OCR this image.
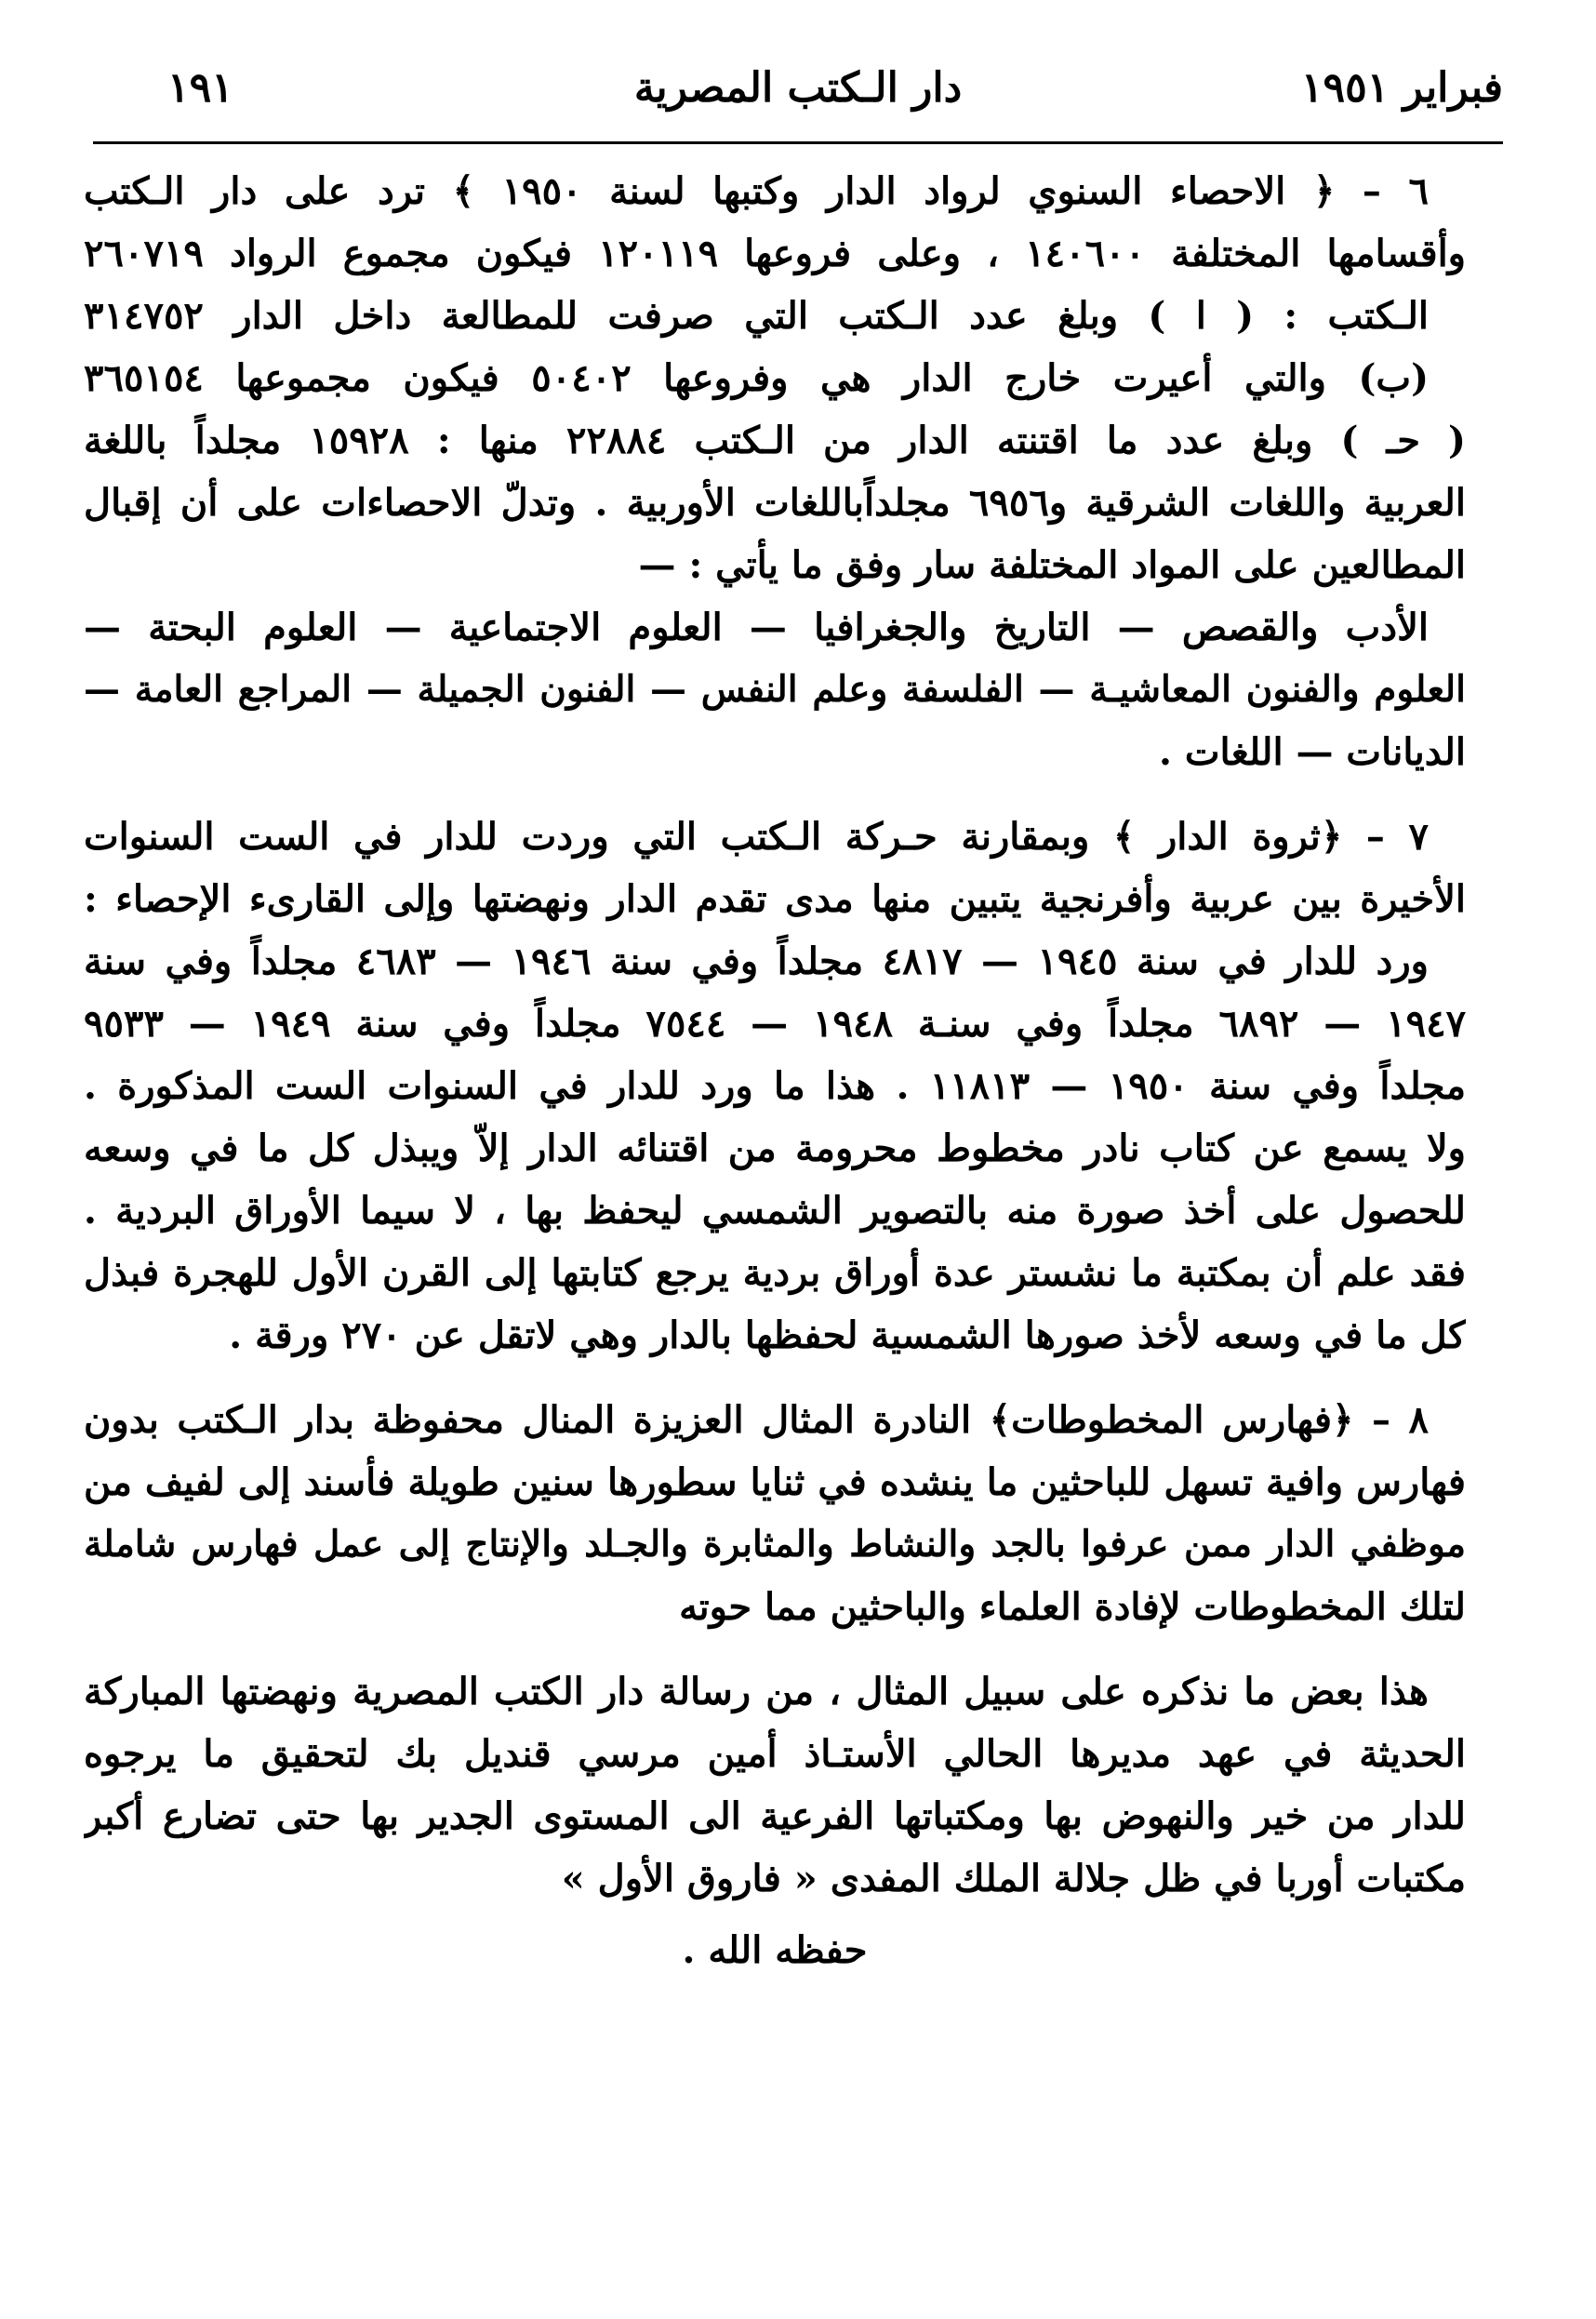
فبراير ١٩٥١
دار الـكتب المصرية
١٩١
٦ – ﴿ الاحصاء السنوي لرواد الدار وكتبها لسنة ١٩٥٠ ﴾ ترد على دار الـكتب
وأقسامها المختلفة ١٤٠٦٠٠ ، وعلى فروعها ١٢٠١١٩ فيكون مجموع الرواد ٢٦٠٧١٩
الـكتب : ( ا ) وبلغ عدد الـكتب التي صرفت للمطالعة داخل الدار ٣١٤٧٥٢
(ب) والتي أعيرت خارج الدار هي وفروعها ٥٠٤٠٢ فيكون مجموعها ٣٦٥١٥٤
( حـ ) وبلغ عدد ما اقتنته الدار من الـكتب ٢٢٨٨٤ منها : ١٥٩٢٨ مجلداً باللغة
العربية واللغات الشرقية و٦٩٥٦ مجلداًباللغات الأوربية . وتدلّ الاحصاءات على أن إقبال
المطالعين على المواد المختلفة سار وفق ما يأتي : —
الأدب والقصص — التاريخ والجغرافيا — العلوم الاجتماعية — العلوم البحتة —
العلوم والفنون المعاشيـة — الفلسفة وعلم النفس — الفنون الجميلة — المراجع العامة —
الديانات — اللغات .
٧ – ﴿ثروة الدار ﴾ وبمقارنة حـركة الـكتب التي وردت للدار في الست السنوات
الأخيرة بين عربية وأفرنجية يتبين منها مدى تقدم الدار ونهضتها وإلى القارىء الإحصاء :
ورد للدار في سنة ١٩٤٥ — ٤٨١٧ مجلداً وفي سنة ١٩٤٦ — ٤٦٨٣ مجلداً وفي سنة
١٩٤٧ — ٦٨٩٢ مجلداً وفي سنـة ١٩٤٨ — ٧٥٤٤ مجلداً وفي سنة ١٩٤٩ — ٩٥٣٣
مجلداً وفي سنة ١٩٥٠ — ١١٨١٣ . هذا ما ورد للدار في السنوات الست المذكورة .
ولا يسمع عن كتاب نادر مخطوط محرومة من اقتنائه الدار إلاّ ويبذل كل ما في وسعه
للحصول على أخذ صورة منه بالتصوير الشمسي ليحفظ بها ، لا سيما الأوراق البردية .
فقد علم أن بمكتبة ما نشستر عدة أوراق بردية يرجع كتابتها إلى القرن الأول للهجرة فبذل
كل ما في وسعه لأخذ صورها الشمسية لحفظها بالدار وهي لاتقل عن ٢٧٠ ورقة .
٨ – ﴿فهارس المخطوطات﴾ النادرة المثال العزيزة المنال محفوظة بدار الـكتب بدون
فهارس وافية تسهل للباحثين ما ينشده في ثنايا سطورها سنين طويلة فأسند إلى لفيف من
موظفي الدار ممن عرفوا بالجد والنشاط والمثابرة والجـلد والإنتاج إلى عمل فهارس شاملة
لتلك المخطوطات لإفادة العلماء والباحثين مما حوته
هذا بعض ما نذكره على سبيل المثال ، من رسالة دار الكتب المصرية ونهضتها المباركة
الحديثة في عهد مديرها الحالي الأستـاذ أمين مرسي قنديل بك لتحقيق ما يرجوه
للدار من خير والنهوض بها ومكتباتها الفرعية الى المستوى الجدير بها حتى تضارع أكبر
مكتبات أوربا في ظل جلالة الملك المفدى « فاروق الأول »
حفظه الله .
